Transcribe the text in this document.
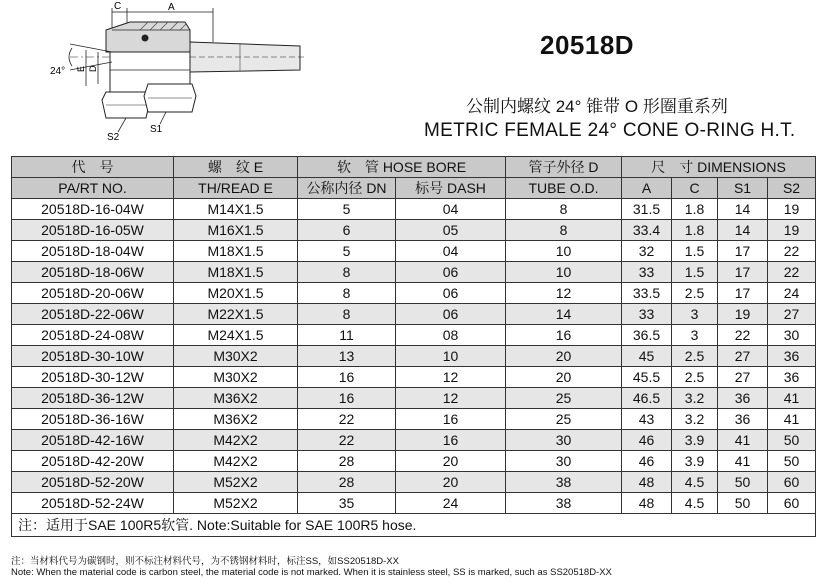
C	A
24° E D
S2
S1
20518D
公制内螺纹 24° 锥带 O 形圈重系列
METRIC FEMALE 24° CONE O-RING H.T.
代　号	螺　纹 E	软　管 HOSE BORE		管子外径 D	尺　寸 DIMENSIONS			
PA/RT NO.	TH/READ E	公称内径 DN	标号 DASH	TUBE O.D.	A	C	S1	S2
20518D-16-04W	M14X1.5	5	04	8	31.5	1.8	14	19
20518D-16-05W	M16X1.5	6	05	8	33.4	1.8	14	19
20518D-18-04W	M18X1.5	5	04	10	32	1.5	17	22
20518D-18-06W	M18X1.5	8	06	10	33	1.5	17	22
20518D-20-06W	M20X1.5	8	06	12	33.5	2.5	17	24
20518D-22-06W	M22X1.5	8	06	14	33	3	19	27
20518D-24-08W	M24X1.5	11	08	16	36.5	3	22	30
20518D-30-10W	M30X2	13	10	20	45	2.5	27	36
20518D-30-12W	M30X2	16	12	20	45.5	2.5	27	36
20518D-36-12W	M36X2	16	12	25	46.5	3.2	36	41
20518D-36-16W	M36X2	22	16	25	43	3.2	36	41
20518D-42-16W	M42X2	22	16	30	46	3.9	41	50
20518D-42-20W	M42X2	28	20	30	46	3.9	41	50
20518D-52-20W	M52X2	28	20	38	48	4.5	50	60
20518D-52-24W	M52X2	35	24	38	48	4.5	50	60
注：适用于SAE 100R5软管. Note:Suitable for SAE 100R5 hose.								
注：当材料代号为碳钢时，则不标注材料代号，为不锈钢材料时，标注SS，如SS20518D-XX
Note: When the material code is carbon steel, the material code is not marked. When it is stainless steel, SS is marked, such as SS20518D-XX
